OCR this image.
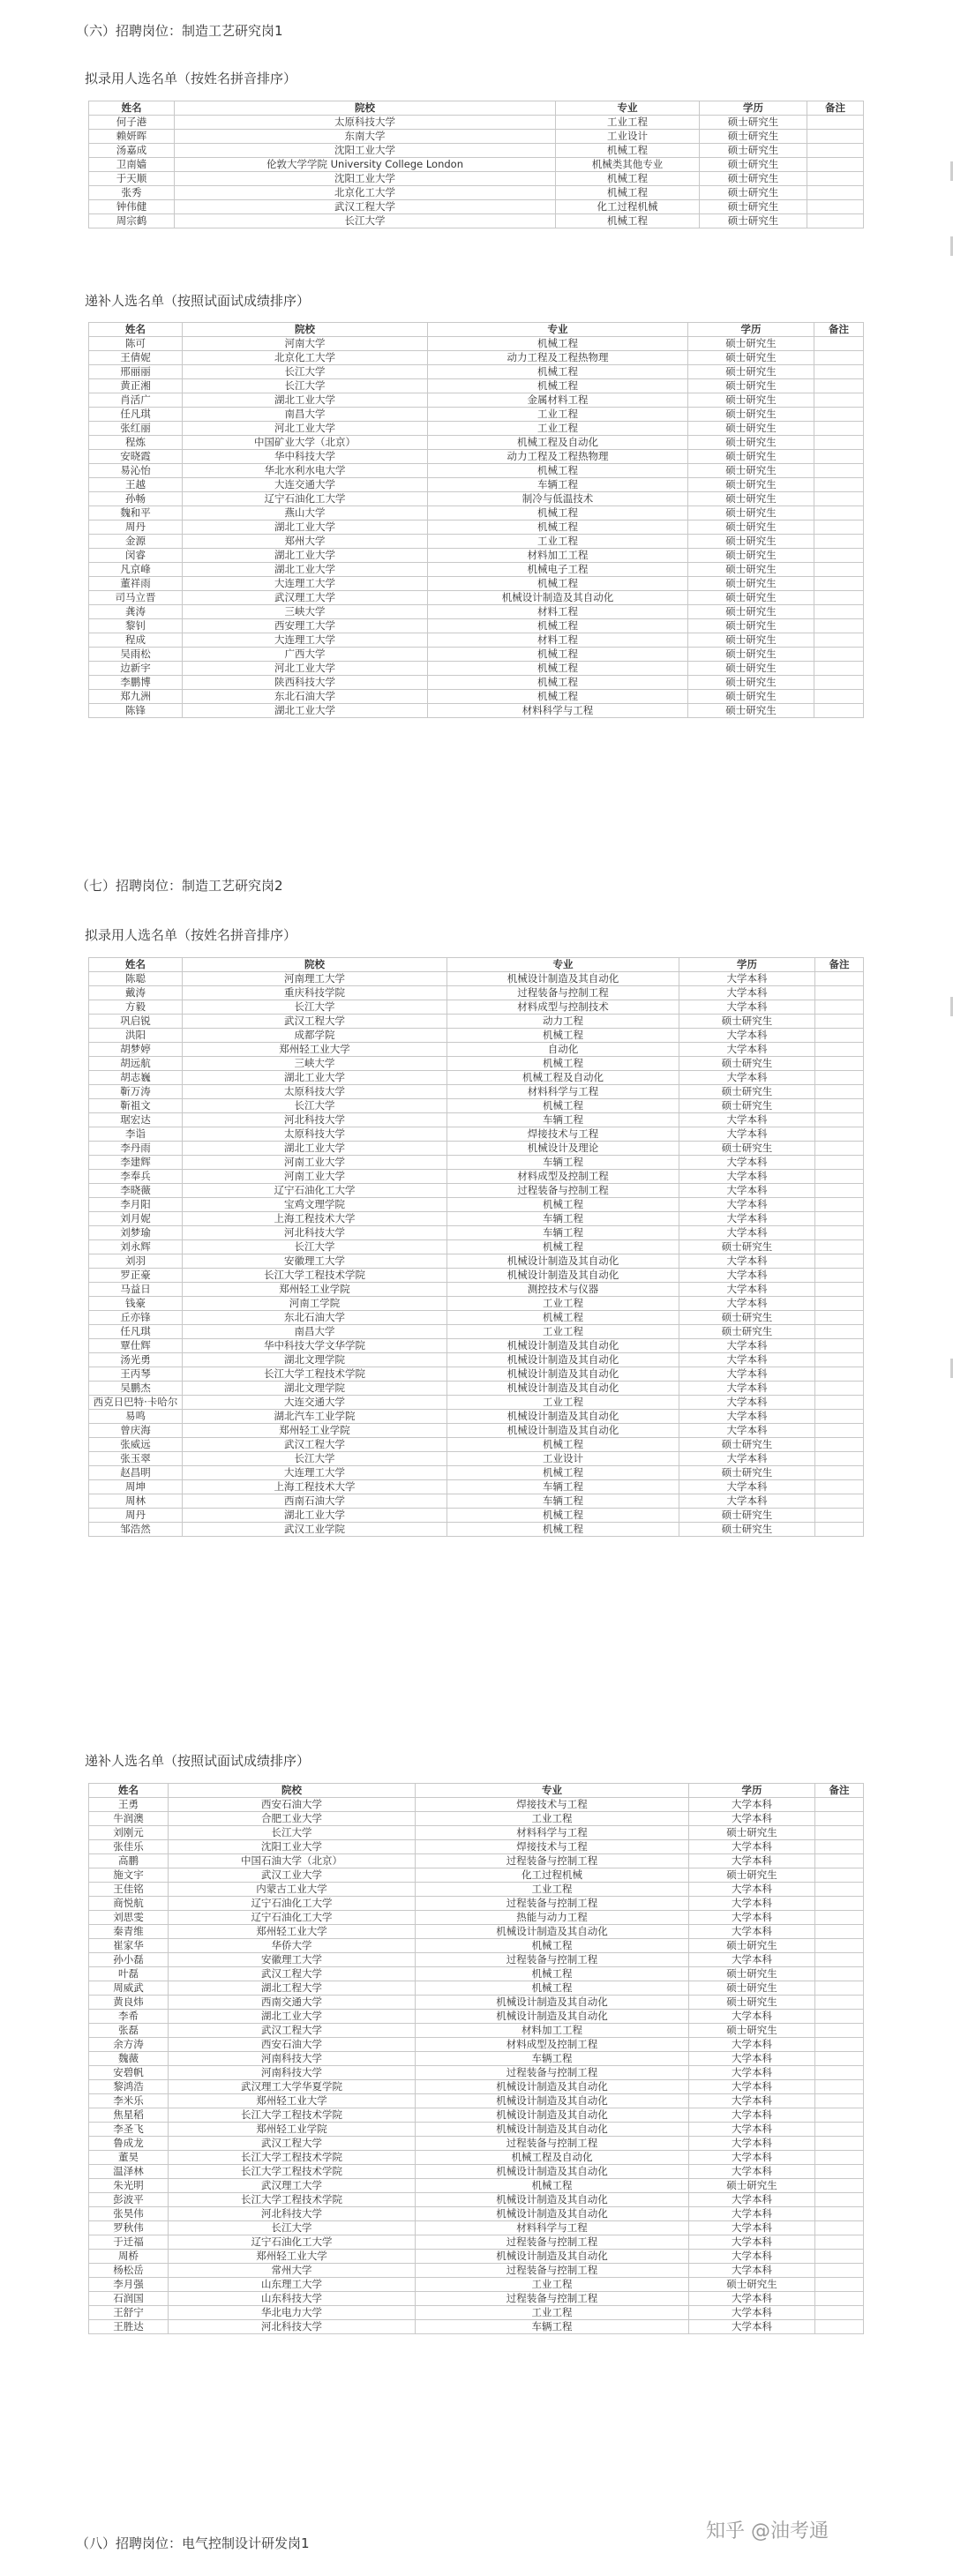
（六）招聘岗位：制造工艺研究岗1
拟录用人选名单（按姓名拼音排序）
姓名	院校	专业	学历	备注
何子港	太原科技大学	工业工程	硕士研究生	
赖妍晖	东南大学	工业设计	硕士研究生	
汤嘉成	沈阳工业大学	机械工程	硕士研究生	
卫南嫱	伦敦大学学院 University College London	机械类其他专业	硕士研究生	
于天顺	沈阳工业大学	机械工程	硕士研究生	
张秀	北京化工大学	机械工程	硕士研究生	
钟伟健	武汉工程大学	化工过程机械	硕士研究生	
周宗鹤	长江大学	机械工程	硕士研究生	
递补人选名单（按照试面试成绩排序）
姓名	院校	专业	学历	备注
陈可	河南大学	机械工程	硕士研究生	
王倩妮	北京化工大学	动力工程及工程热物理	硕士研究生	
邢丽丽	长江大学	机械工程	硕士研究生	
黄正湘	长江大学	机械工程	硕士研究生	
肖活广	湖北工业大学	金属材料工程	硕士研究生	
任凡琪	南昌大学	工业工程	硕士研究生	
张红丽	河北工业大学	工业工程	硕士研究生	
程炼	中国矿业大学（北京）	机械工程及自动化	硕士研究生	
安晓霞	华中科技大学	动力工程及工程热物理	硕士研究生	
易沁怡	华北水利水电大学	机械工程	硕士研究生	
王越	大连交通大学	车辆工程	硕士研究生	
孙畅	辽宁石油化工大学	制冷与低温技术	硕士研究生	
魏和平	燕山大学	机械工程	硕士研究生	
周丹	湖北工业大学	机械工程	硕士研究生	
金源	郑州大学	工业工程	硕士研究生	
闵睿	湖北工业大学	材料加工工程	硕士研究生	
凡京峰	湖北工业大学	机械电子工程	硕士研究生	
董祥雨	大连理工大学	机械工程	硕士研究生	
司马立晋	武汉理工大学	机械设计制造及其自动化	硕士研究生	
龚涛	三峡大学	材料工程	硕士研究生	
黎钊	西安理工大学	机械工程	硕士研究生	
程成	大连理工大学	材料工程	硕士研究生	
吴雨松	广西大学	机械工程	硕士研究生	
边新宇	河北工业大学	机械工程	硕士研究生	
李鹏博	陕西科技大学	机械工程	硕士研究生	
郑九洲	东北石油大学	机械工程	硕士研究生	
陈锋	湖北工业大学	材料科学与工程	硕士研究生	
（七）招聘岗位：制造工艺研究岗2
拟录用人选名单（按姓名拼音排序）
姓名	院校	专业	学历	备注
陈聪	河南理工大学	机械设计制造及其自动化	大学本科	
戴涛	重庆科技学院	过程装备与控制工程	大学本科	
方毅	长江大学	材料成型与控制技术	大学本科	
巩启锐	武汉工程大学	动力工程	硕士研究生	
洪阳	成都学院	机械工程	大学本科	
胡梦婷	郑州轻工业大学	自动化	大学本科	
胡远航	三峡大学	机械工程	硕士研究生	
胡志巍	湖北工业大学	机械工程及自动化	大学本科	
靳万涛	太原科技大学	材料科学与工程	硕士研究生	
靳祖文	长江大学	机械工程	硕士研究生	
琚宏达	河北科技大学	车辆工程	大学本科	
李诣	太原科技大学	焊接技术与工程	大学本科	
李丹雨	湖北工业大学	机械设计及理论	硕士研究生	
李建辉	河南工业大学	车辆工程	大学本科	
李奉兵	河南工业大学	材料成型及控制工程	大学本科	
李晓薇	辽宁石油化工大学	过程装备与控制工程	大学本科	
李月阳	宝鸡文理学院	机械工程	大学本科	
刘月妮	上海工程技术大学	车辆工程	大学本科	
刘梦瑜	河北科技大学	车辆工程	大学本科	
刘永辉	长江大学	机械工程	硕士研究生	
刘羽	安徽理工大学	机械设计制造及其自动化	大学本科	
罗正豪	长江大学工程技术学院	机械设计制造及其自动化	大学本科	
马益日	郑州轻工业学院	测控技术与仪器	大学本科	
钱豪	河南工学院	工业工程	大学本科	
丘亦锋	东北石油大学	机械工程	硕士研究生	
任凡琪	南昌大学	工业工程	硕士研究生	
覃仕辉	华中科技大学文华学院	机械设计制造及其自动化	大学本科	
汤光勇	湖北文理学院	机械设计制造及其自动化	大学本科	
王丙琴	长江大学工程技术学院	机械设计制造及其自动化	大学本科	
吴鹏杰	湖北文理学院	机械设计制造及其自动化	大学本科	
西克日巴特·卡哈尔	大连交通大学	工业工程	大学本科	
易鸣	湖北汽车工业学院	机械设计制造及其自动化	大学本科	
曾庆海	郑州轻工业学院	机械设计制造及其自动化	大学本科	
张威远	武汉工程大学	机械工程	硕士研究生	
张玉翠	长江大学	工业设计	大学本科	
赵昌明	大连理工大学	机械工程	硕士研究生	
周坤	上海工程技术大学	车辆工程	大学本科	
周林	西南石油大学	车辆工程	大学本科	
周丹	湖北工业大学	机械工程	硕士研究生	
邹浩然	武汉工业学院	机械工程	硕士研究生	
递补人选名单（按照试面试成绩排序）
姓名	院校	专业	学历	备注
王勇	西安石油大学	焊接技术与工程	大学本科	
牛润澳	合肥工业大学	工业工程	大学本科	
刘刚元	长江大学	材料科学与工程	硕士研究生	
张佳乐	沈阳工业大学	焊接技术与工程	大学本科	
高鹏	中国石油大学（北京）	过程装备与控制工程	大学本科	
施文宇	武汉工业大学	化工过程机械	硕士研究生	
王佳铭	内蒙古工业大学	工业工程	大学本科	
商悦航	辽宁石油化工大学	过程装备与控制工程	大学本科	
刘思雯	辽宁石油化工大学	热能与动力工程	大学本科	
秦青维	郑州轻工业大学	机械设计制造及其自动化	大学本科	
崔家华	华侨大学	机械工程	硕士研究生	
孙小磊	安徽理工大学	过程装备与控制工程	大学本科	
叶磊	武汉工程大学	机械工程	硕士研究生	
周威武	湖北工程大学	机械工程	硕士研究生	
黄良炜	西南交通大学	机械设计制造及其自动化	硕士研究生	
李希	湖北工业大学	机械设计制造及其自动化	大学本科	
张磊	武汉工程大学	材料加工工程	硕士研究生	
余方涛	西安石油大学	材料成型及控制工程	大学本科	
魏薇	河南科技大学	车辆工程	大学本科	
安碧帆	河南科技大学	过程装备与控制工程	大学本科	
黎鸿浩	武汉理工大学华夏学院	机械设计制造及其自动化	大学本科	
李米乐	郑州轻工业大学	机械设计制造及其自动化	大学本科	
焦星稻	长江大学工程技术学院	机械设计制造及其自动化	大学本科	
李圣飞	郑州轻工业学院	机械设计制造及其自动化	大学本科	
鲁成龙	武汉工程大学	过程装备与控制工程	大学本科	
董昊	长江大学工程技术学院	机械工程及自动化	大学本科	
温泽林	长江大学工程技术学院	机械设计制造及其自动化	大学本科	
朱光明	武汉理工大学	机械工程	硕士研究生	
彭波平	长江大学工程技术学院	机械设计制造及其自动化	大学本科	
张昊伟	河北科技大学	机械设计制造及其自动化	大学本科	
罗秋伟	长江大学	材料科学与工程	大学本科	
于迁福	辽宁石油化工大学	过程装备与控制工程	大学本科	
周桥	郑州轻工业大学	机械设计制造及其自动化	大学本科	
杨松岳	常州大学	过程装备与控制工程	大学本科	
李月强	山东理工大学	工业工程	硕士研究生	
石润国	山东科技大学	过程装备与控制工程	大学本科	
王舒宁	华北电力大学	工业工程	大学本科	
王胜达	河北科技大学	车辆工程	大学本科	
（八）招聘岗位：电气控制设计研发岗1
知乎 @油考通
